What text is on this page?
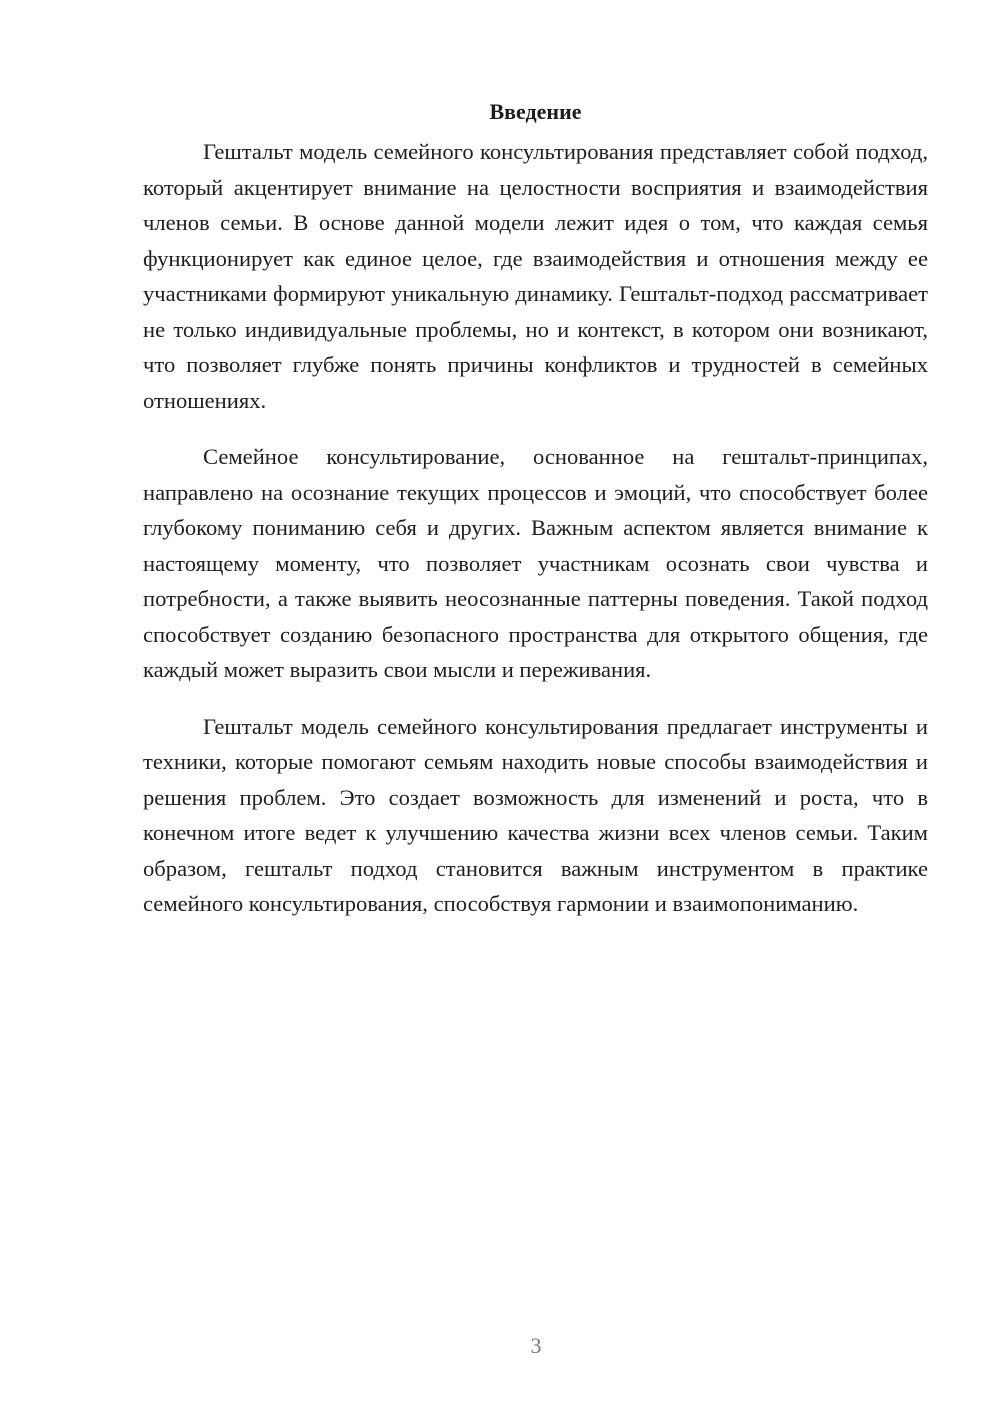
Введение

Гештальт модель семейного консультирования представляет собой подход, который акцентирует внимание на целостности восприятия и взаимодействия членов семьи. В основе данной модели лежит идея о том, что каждая семья функционирует как единое целое, где взаимодействия и отношения между ее участниками формируют уникальную динамику. Гештальт-подход рассматривает не только индивидуальные проблемы, но и контекст, в котором они возникают, что позволяет глубже понять причины конфликтов и трудностей в семейных отношениях.

Семейное консультирование, основанное на гештальт-принципах, направлено на осознание текущих процессов и эмоций, что способствует более глубокому пониманию себя и других. Важным аспектом является внимание к настоящему моменту, что позволяет участникам осознать свои чувства и потребности, а также выявить неосознанные паттерны поведения. Такой подход способствует созданию безопасного пространства для открытого общения, где каждый может выразить свои мысли и переживания.

Гештальт модель семейного консультирования предлагает инструменты и техники, которые помогают семьям находить новые способы взаимодействия и решения проблем. Это создает возможность для изменений и роста, что в конечном итоге ведет к улучшению качества жизни всех членов семьи. Таким образом, гештальт подход становится важным инструментом в практике семейного консультирования, способствуя гармонии и взаимопониманию.

3
